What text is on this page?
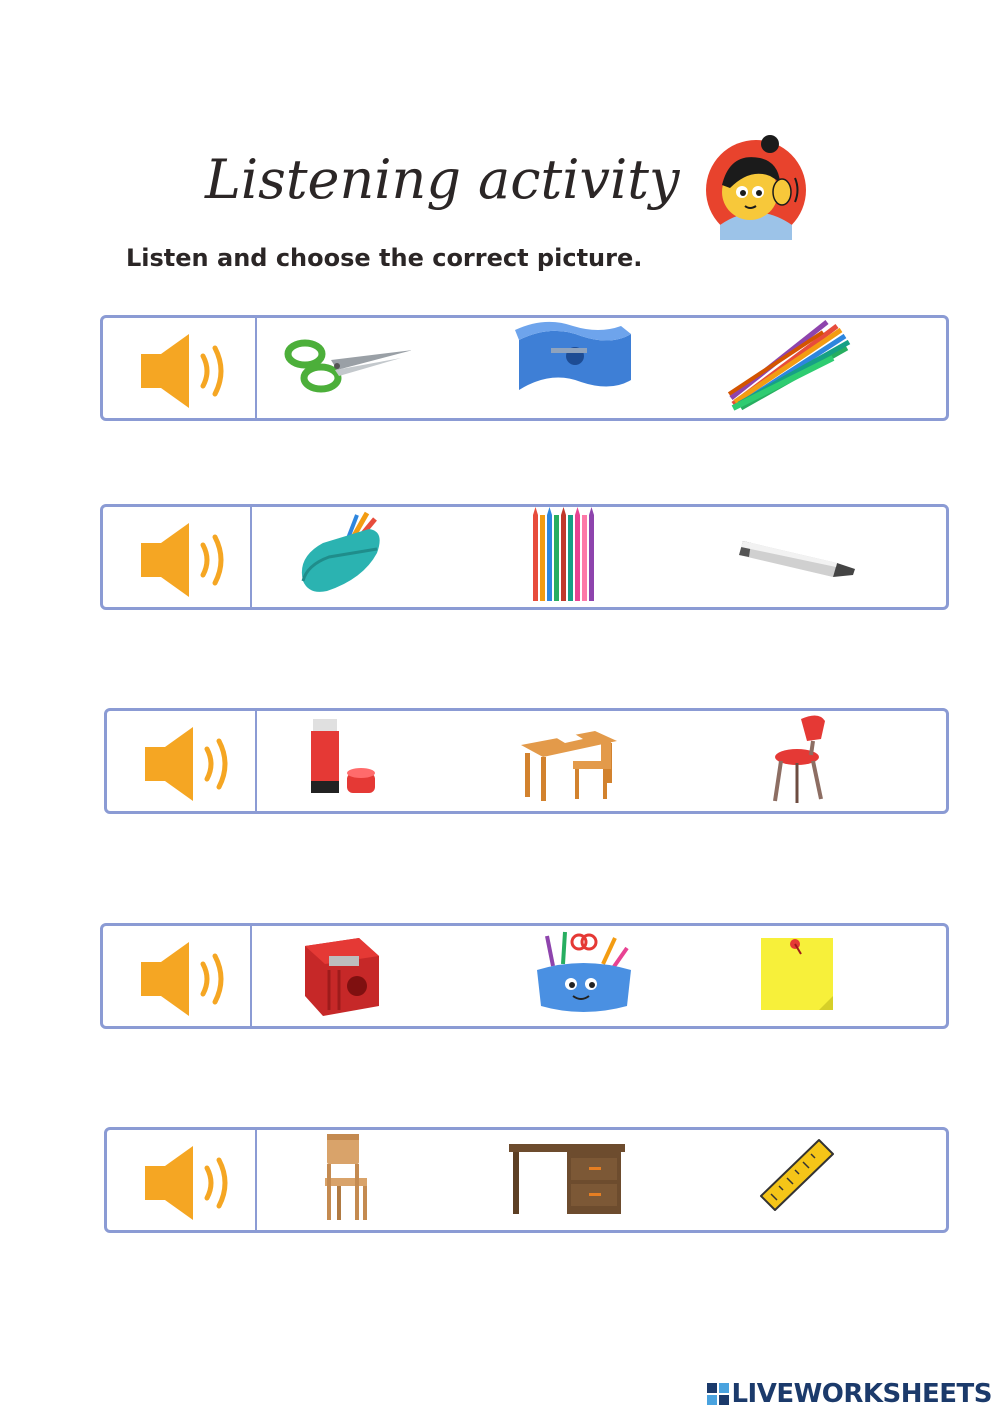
Listening activity
Listen and choose the correct picture.
LIVEWORKSHEETS
